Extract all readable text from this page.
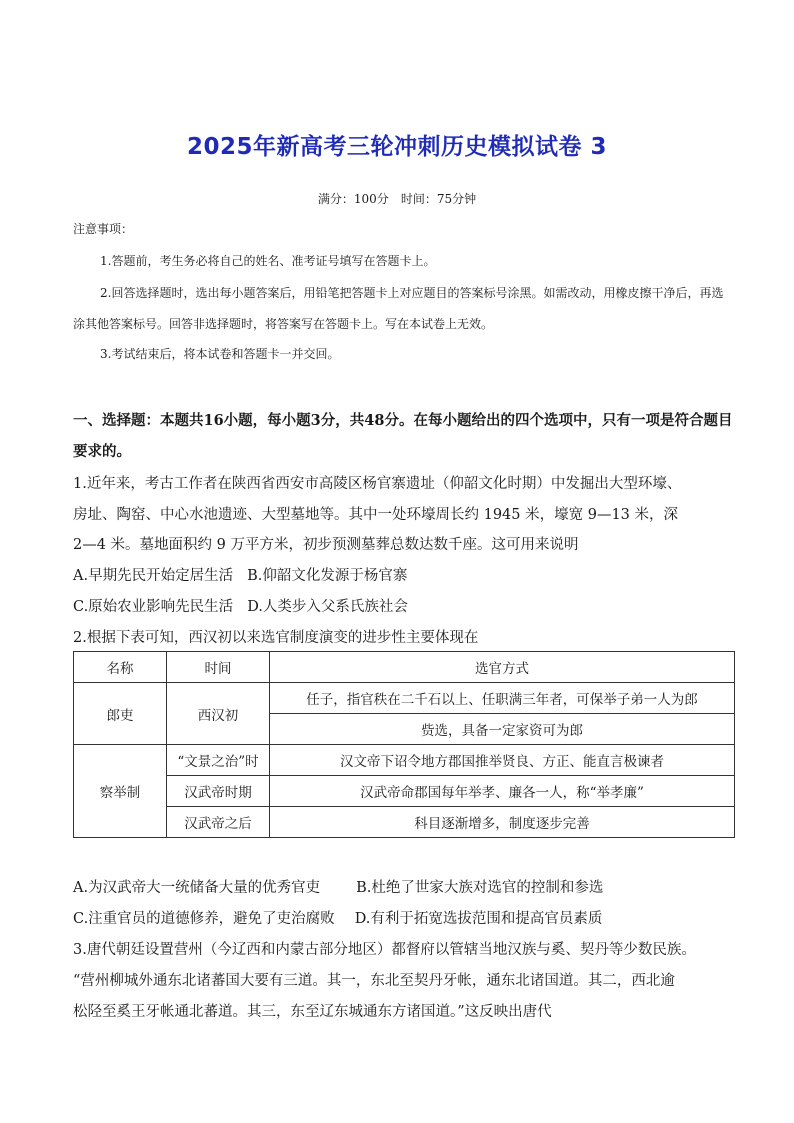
2025年新高考三轮冲刺历史模拟试卷 3
满分：100分 时间：75分钟
注意事项：
1.答题前，考生务必将自己的姓名、准考证号填写在答题卡上。
2.回答选择题时，选出每小题答案后，用铅笔把答题卡上对应题目的答案标号涂黑。如需改动，用橡皮擦干净后，再选涂其他答案标号。回答非选择题时，将答案写在答题卡上。写在本试卷上无效。
3.考试结束后，将本试卷和答题卡一并交回。
一、选择题：本题共16小题，每小题3分，共48分。在每小题给出的四个选项中，只有一项是符合题目要求的。
1.近年来，考古工作者在陕西省西安市高陵区杨官寨遗址（仰韶文化时期）中发掘出大型环壕、
房址、陶窑、中心水池遗迹、大型墓地等。其中一处环壕周长约 1945 米，壕宽 9—13 米，深
2—4 米。墓地面积约 9 万平方米，初步预测墓葬总数达数千座。这可用来说明
A.早期先民开始定居生活 B.仰韶文化发源于杨官寨
C.原始农业影响先民生活 D.人类步入父系氏族社会
2.根据下表可知，西汉初以来选官制度演变的进步性主要体现在
名称	时间	选官方式
郎吏	西汉初	任子，指官秩在二千石以上、任职满三年者，可保举子弟一人为郎
		赀选，具备一定家资可为郎
察举制	“文景之治”时	汉文帝下诏令地方郡国推举贤良、方正、能直言极谏者
	汉武帝时期	汉武帝命郡国每年举孝、廉各一人，称“举孝廉”
	汉武帝之后	科目逐渐增多，制度逐步完善
A.为汉武帝大一统储备大量的优秀官吏 B.杜绝了世家大族对选官的控制和参选
C.注重官员的道德修养，避免了吏治腐败 D.有利于拓宽选拔范围和提高官员素质
3.唐代朝廷设置营州（今辽西和内蒙古部分地区）都督府以管辖当地汉族与奚、契丹等少数民族。
“营州柳城外通东北诸蕃国大要有三道。其一，东北至契丹牙帐，通东北诸国道。其二，西北逾
松陉至奚王牙帐通北蕃道。其三，东至辽东城通东方诸国道。”这反映出唐代
